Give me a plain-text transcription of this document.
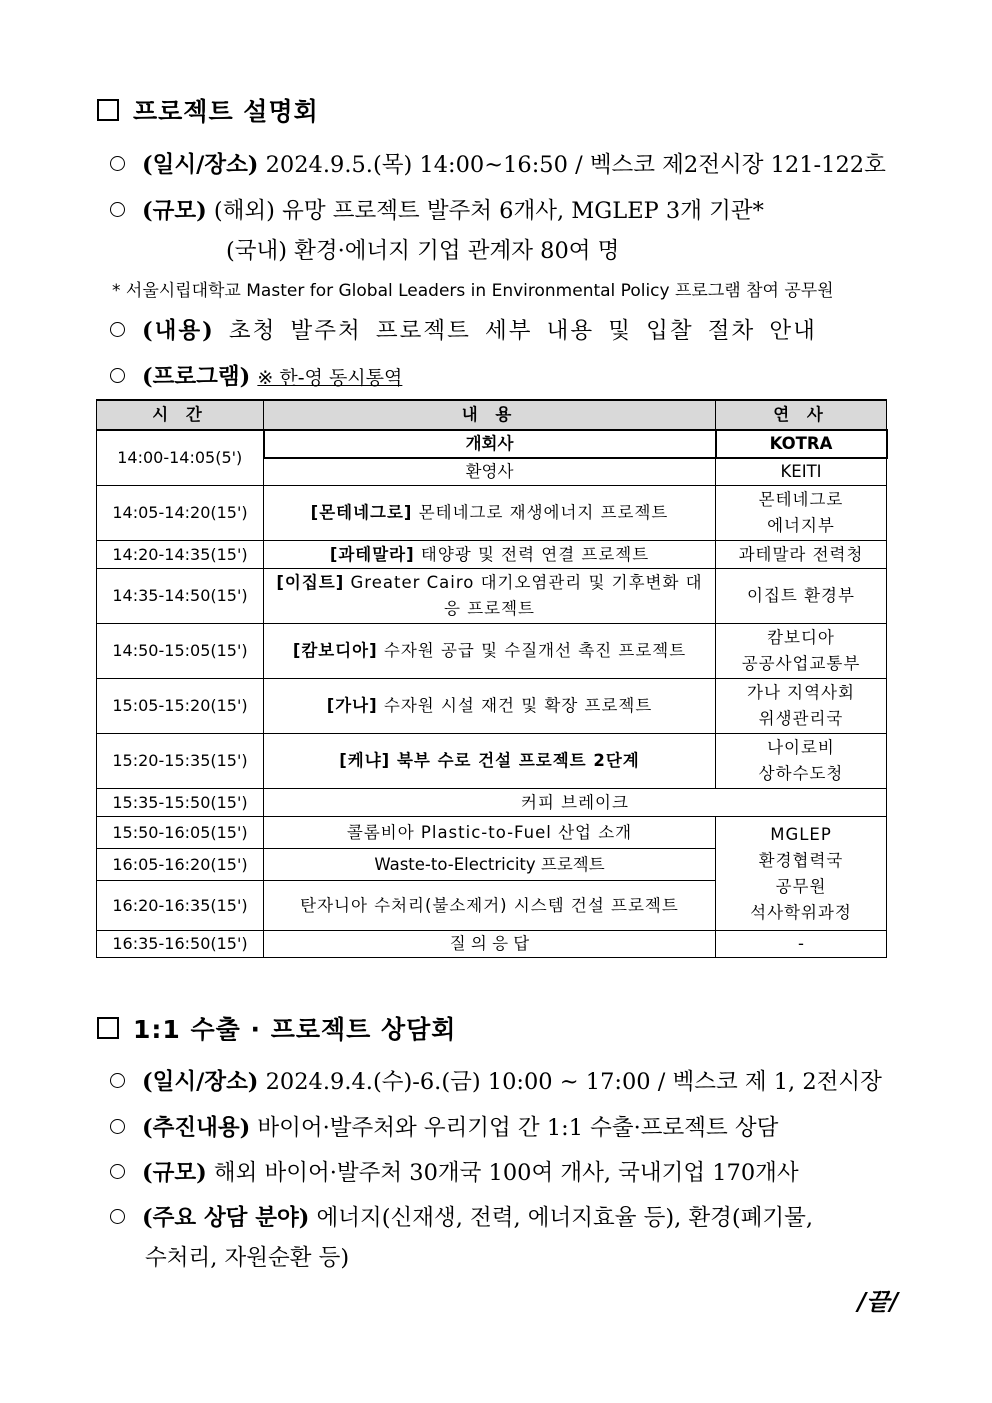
프로젝트 설명회
(일시/장소) 2024.9.5.(목) 14:00~16:50 / 벡스코 제2전시장 121-122호
(규모) (해외) 유망 프로젝트 발주처 6개사, MGLEP 3개 기관*
(국내) 환경·에너지 기업 관계자 80여 명
* 서울시립대학교 Master for Global Leaders in Environmental Policy 프로그램 참여 공무원
(내용) 초청 발주처 프로젝트 세부 내용 및 입찰 절차 안내
(프로그램) ※ 한-영 동시통역
시 간	내 용	연 사
14:00-14:05(5')	개회사	KOTRA
	환영사	KEITI
14:05-14:20(15')	[몬테네그로] 몬테네그로 재생에너지 프로젝트	몬테네그로
에너지부
14:20-14:35(15')	[과테말라] 태양광 및 전력 연결 프로젝트	과테말라 전력청
14:35-14:50(15')	[이집트] Greater Cairo 대기오염관리 및 기후변화 대응 프로젝트	이집트 환경부
14:50-15:05(15')	[캄보디아] 수자원 공급 및 수질개선 촉진 프로젝트	캄보디아
공공사업교통부
15:05-15:20(15')	[가나] 수자원 시설 재건 및 확장 프로젝트	가나 지역사회
위생관리국
15:20-15:35(15')	[케냐] 북부 수로 건설 프로젝트 2단계	나이로비
상하수도청
15:35-15:50(15')	커피 브레이크	
15:50-16:05(15')	콜롬비아 Plastic-to-Fuel 산업 소개	MGLEP
환경협력국
공무원
석사학위과정
16:05-16:20(15')	Waste-to-Electricity 프로젝트	
16:20-16:35(15')	탄자니아 수처리(불소제거) 시스템 건설 프로젝트	
16:35-16:50(15')	질 의 응 답	-
1:1 수출 · 프로젝트 상담회
(일시/장소) 2024.9.4.(수)-6.(금) 10:00 ~ 17:00 / 벡스코 제 1, 2전시장
(추진내용) 바이어·발주처와 우리기업 간 1:1 수출·프로젝트 상담
(규모) 해외 바이어·발주처 30개국 100여 개사, 국내기업 170개사
(주요 상담 분야) 에너지(신재생, 전력, 에너지효율 등), 환경(폐기물,
수처리, 자원순환 등)
/끝/
